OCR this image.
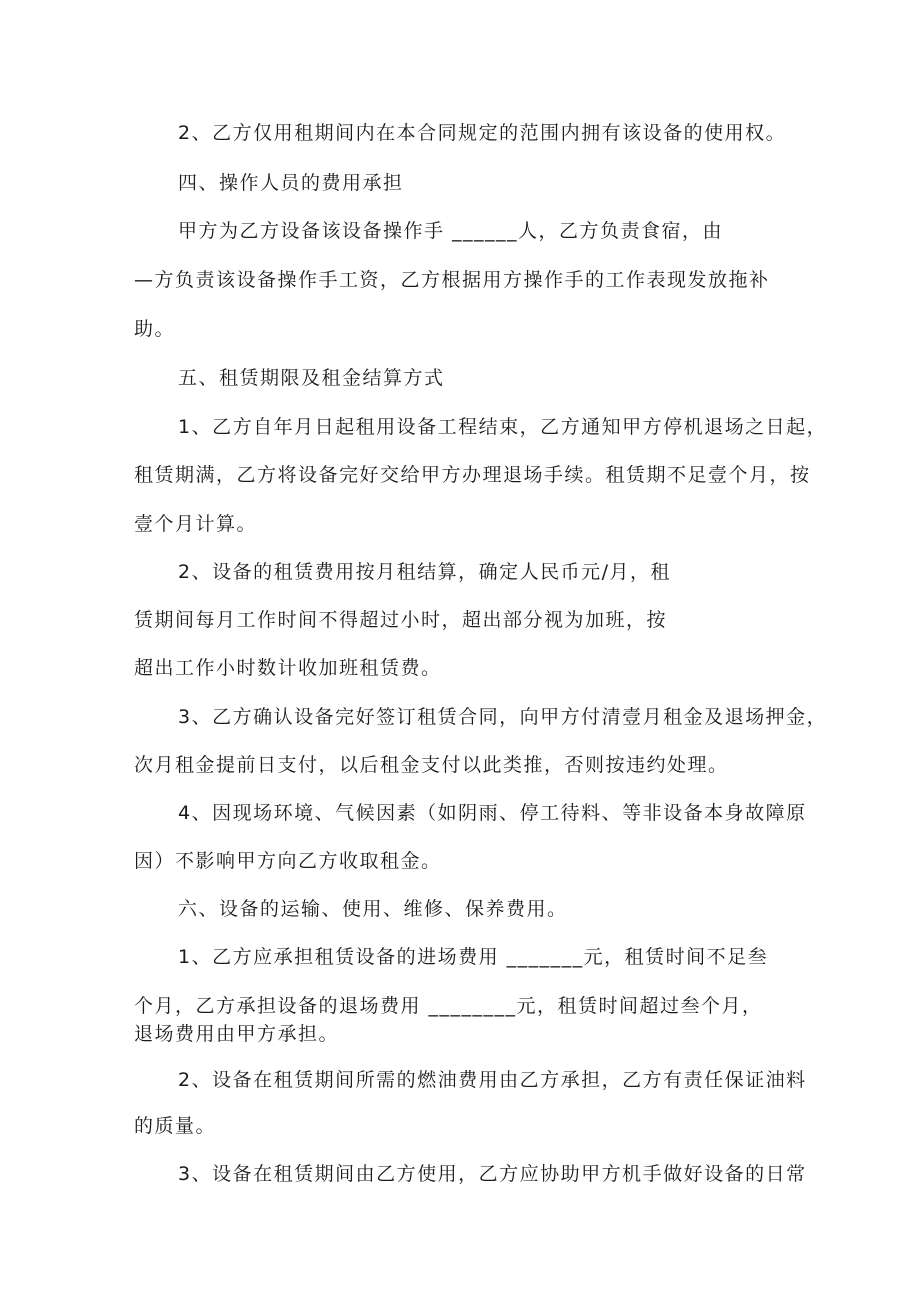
2、乙方仅用租期间内在本合同规定的范围内拥有该设备的使用权。
四、操作人员的费用承担
甲方为乙方设备该设备操作手 ______人，乙方负责食宿，由
—方负责该设备操作手工资，乙方根据用方操作手的工作表现发放拖补
助。
五、租赁期限及租金结算方式
1、乙方自年月日起租用设备工程结束，乙方通知甲方停机退场之日起，
租赁期满，乙方将设备完好交给甲方办理退场手续。租赁期不足壹个月，按
壹个月计算。
2、设备的租赁费用按月租结算，确定人民币元/月，租
赁期间每月工作时间不得超过小时，超出部分视为加班，按
超出工作小时数计收加班租赁费。
3、乙方确认设备完好签订租赁合同，向甲方付清壹月租金及退场押金，
次月租金提前日支付，以后租金支付以此类推，否则按违约处理。
4、因现场环境、气候因素（如阴雨、停工待料、等非设备本身故障原
因）不影响甲方向乙方收取租金。
六、设备的运输、使用、维修、保养费用。
1、乙方应承担租赁设备的进场费用 _______元，租赁时间不足叁
个月，乙方承担设备的退场费用 ________元，租赁时间超过叁个月，
退场费用由甲方承担。
2、设备在租赁期间所需的燃油费用由乙方承担，乙方有责任保证油料
的质量。
3、设备在租赁期间由乙方使用，乙方应协助甲方机手做好设备的日常
